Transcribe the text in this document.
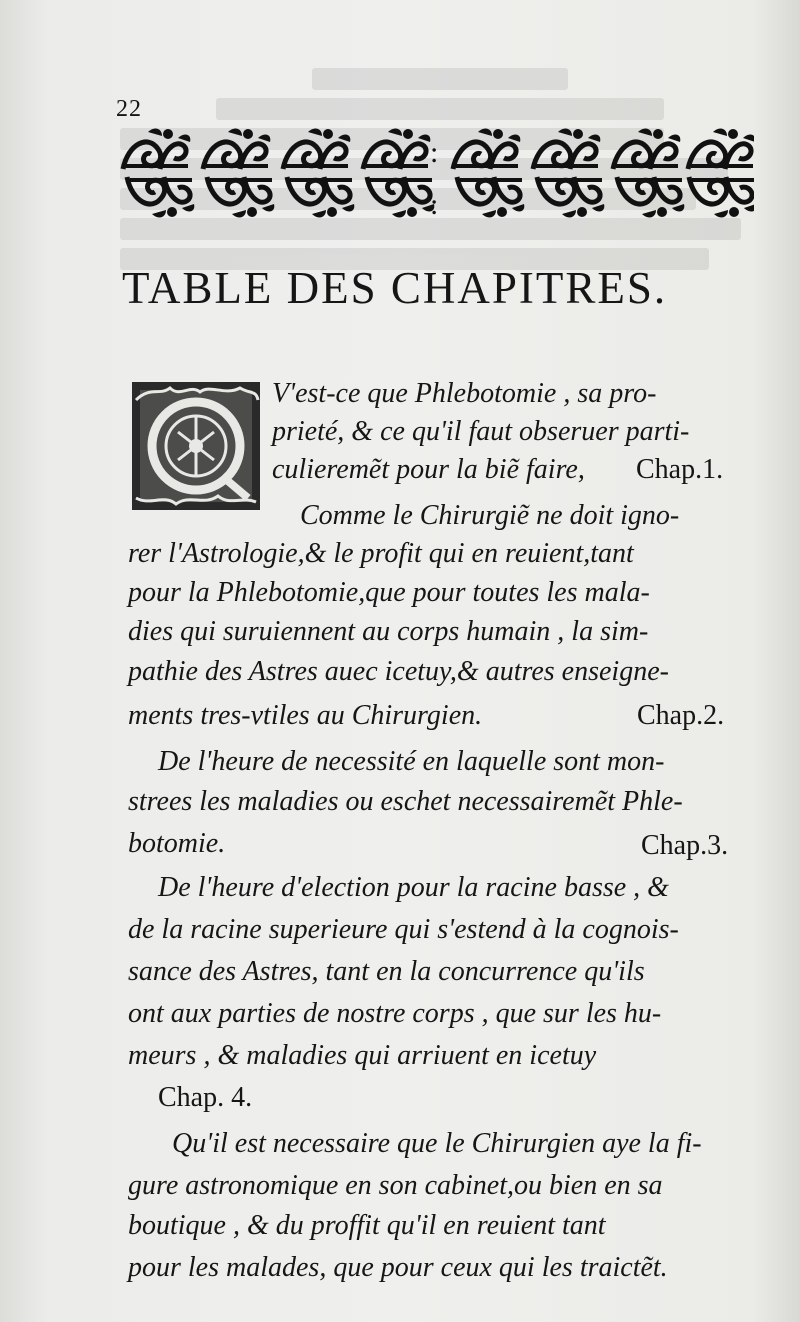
22
:
:
TABLE DES CHAPITRES.
V'est-ce que Phlebotomie , sa pro-
prieté, & ce qu'il faut obseruer parti-
culieremẽt pour la biẽ faire, Chap.1.
Comme le Chirurgiẽ ne doit igno-
rer l'Astrologie,& le profit qui en reuient,tant
pour la Phlebotomie,que pour toutes les mala-
dies qui suruiennent au corps humain , la sim-
pathie des Astres auec icetuy,& autres enseigne-
ments tres-vtiles au Chirurgien.	Chap.2.
De l'heure de necessité en laquelle sont mon-
strees les maladies ou eschet necessairemẽt Phle-
botomie.	Chap.3.
De l'heure d'election pour la racine basse , &
de la racine superieure qui s'estend à la cognois-
sance des Astres, tant en la concurrence qu'ils
ont aux parties de nostre corps , que sur les hu-
meurs , & maladies qui arriuent en icetuy
Chap. 4.
Qu'il est necessaire que le Chirurgien aye la fi-
gure astronomique en son cabinet,ou bien en sa
boutique , & du proffit qu'il en reuient tant
pour les malades, que pour ceux qui les traictẽt.
